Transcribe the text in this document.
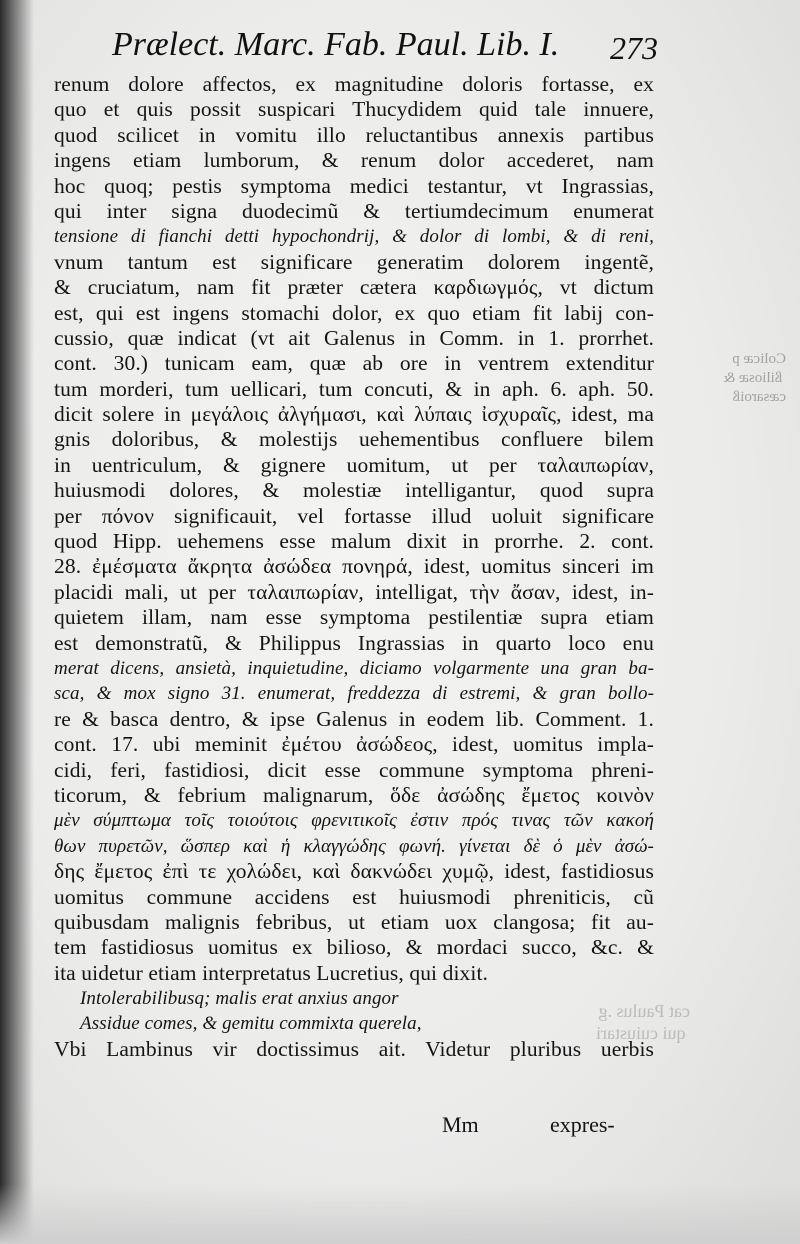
Colicæ p
ßiliosæ &
cæsaroiß
cat Paulus .g
qui cuiustari
Prælect. Marc. Fab. Paul. Lib. I.	273
renum dolore affectos, ex magnitudine doloris fortasse, ex
quo et quis possit suspicari Thucydidem quid tale innuere,
quod scilicet in vomitu illo reluctantibus annexis partibus
ingens etiam lumborum, & renum dolor accederet, nam
hoc quoq; pestis symptoma medici testantur, vt Ingrassias,
qui inter signa duodecimũ & tertiumdecimum enumerat
tensione di fianchi detti hypochondrij, & dolor di lombi, & di reni,
vnum tantum est significare generatim dolorem ingentẽ,
& cruciatum, nam fit præter cætera καρδιωγμός, vt dictum
est, qui est ingens stomachi dolor, ex quo etiam fit labij con-
cussio, quæ indicat (vt ait Galenus in Comm. in 1. prorrhet.
cont. 30.) tunicam eam, quæ ab ore in ventrem extenditur
tum morderi, tum uellicari, tum concuti, & in aph. 6. aph. 50.
dicit solere in μεγάλοις ἀλγήμασι, καὶ λύπαις ἰσχυραῖς, idest, ma
gnis doloribus, & molestijs uehementibus confluere bilem
in uentriculum, & gignere uomitum, ut per ταλαιπωρίαν,
huiusmodi dolores, & molestiæ intelligantur, quod supra
per πόνον significauit, vel fortasse illud uoluit significare
quod Hipp. uehemens esse malum dixit in prorrhe. 2. cont.
28. ἐμέσματα ἄκρητα ἀσώδεα πονηρά, idest, uomitus sinceri im
placidi mali, ut per ταλαιπωρίαν, intelligat, τὴν ἄσαν, idest, in-
quietem illam, nam esse symptoma pestilentiæ supra etiam
est demonstratũ, & Philippus Ingrassias in quarto loco enu
merat dicens, ansietà, inquietudine, diciamo volgarmente una gran ba-
sca, & mox signo 31. enumerat, freddezza di estremi, & gran bollo-
re & basca dentro, & ipse Galenus in eodem lib. Comment. 1.
cont. 17. ubi meminit ἐμέτου ἀσώδεος, idest, uomitus impla-
cidi, feri, fastidiosi, dicit esse commune symptoma phreni-
ticorum, & febrium malignarum, ὅδε ἀσώδης ἔμετος κοινὸν
μὲν σύμπτωμα τοῖς τοιούτοις φρενιτικοῖς ἐστιν πρός τινας τῶν κακοή
θων πυρετῶν, ὥσπερ καὶ ἡ κλαγγώδης φωνή. γίνεται δὲ ὁ μὲν ἀσώ-
δης ἔμετος ἐπὶ τε χολώδει, καὶ δακνώδει χυμῷ, idest, fastidiosus
uomitus commune accidens est huiusmodi phreniticis, cũ
quibusdam malignis febribus, ut etiam uox clangosa; fit au-
tem fastidiosus uomitus ex bilioso, & mordaci succo, &c. &
ita uidetur etiam interpretatus Lucretius, qui dixit.
Intolerabilibusq; malis erat anxius angor
Assidue comes, & gemitu commixta querela,
Vbi Lambinus vir doctissimus ait. Videtur pluribus uerbis
Mm	expres-
